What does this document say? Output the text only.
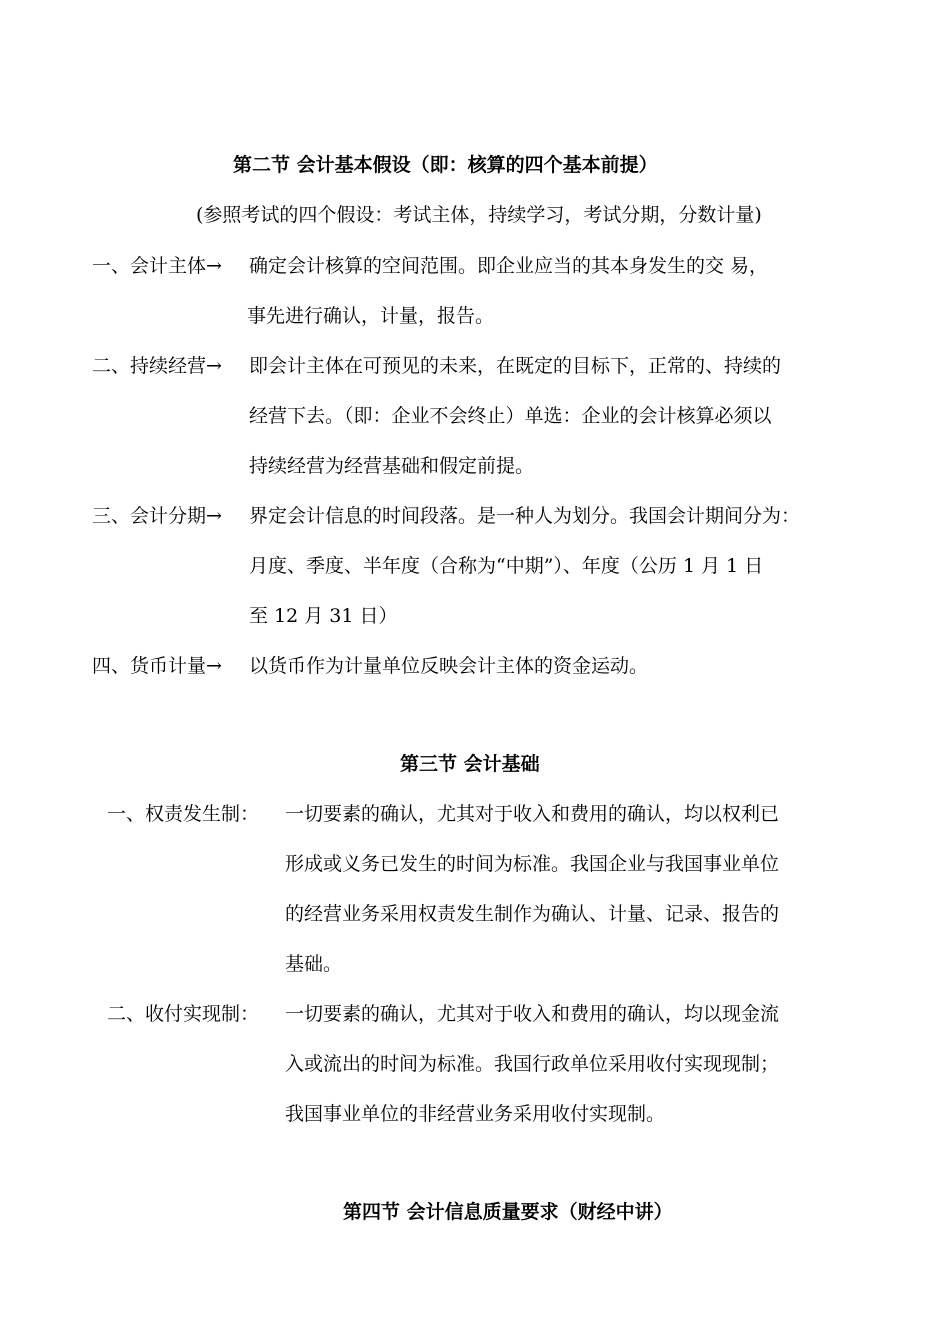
第二节 会计基本假设（即：核算的四个基本前提）
(参照考试的四个假设：考试主体，持续学习，考试分期，分数计量)
一、会计主体→ 确定会计核算的空间范围。即企业应当的其本身发生的交 易，
事先进行确认，计量，报告。
二、持续经营→ 即会计主体在可预见的未来，在既定的目标下，正常的、持续的
经营下去。（即：企业不会终止）单选：企业的会计核算必须以
持续经营为经营基础和假定前提。
三、会计分期→ 界定会计信息的时间段落。是一种人为划分。我国会计期间分为：
月度、季度、半年度（合称为“中期”）、年度（公历 1 月 1 日
至 12 月 31 日）
四、货币计量→ 以货币作为计量单位反映会计主体的资金运动。
第三节 会计基础
一、权责发生制： 一切要素的确认，尤其对于收入和费用的确认，均以权利已
形成或义务已发生的时间为标准。我国企业与我国事业单位
的经营业务采用权责发生制作为确认、计量、记录、报告的
基础。
二、收付实现制： 一切要素的确认，尤其对于收入和费用的确认，均以现金流
入或流出的时间为标准。我国行政单位采用收付实现现制；
我国事业单位的非经营业务采用收付实现制。
第四节 会计信息质量要求（财经中讲）
